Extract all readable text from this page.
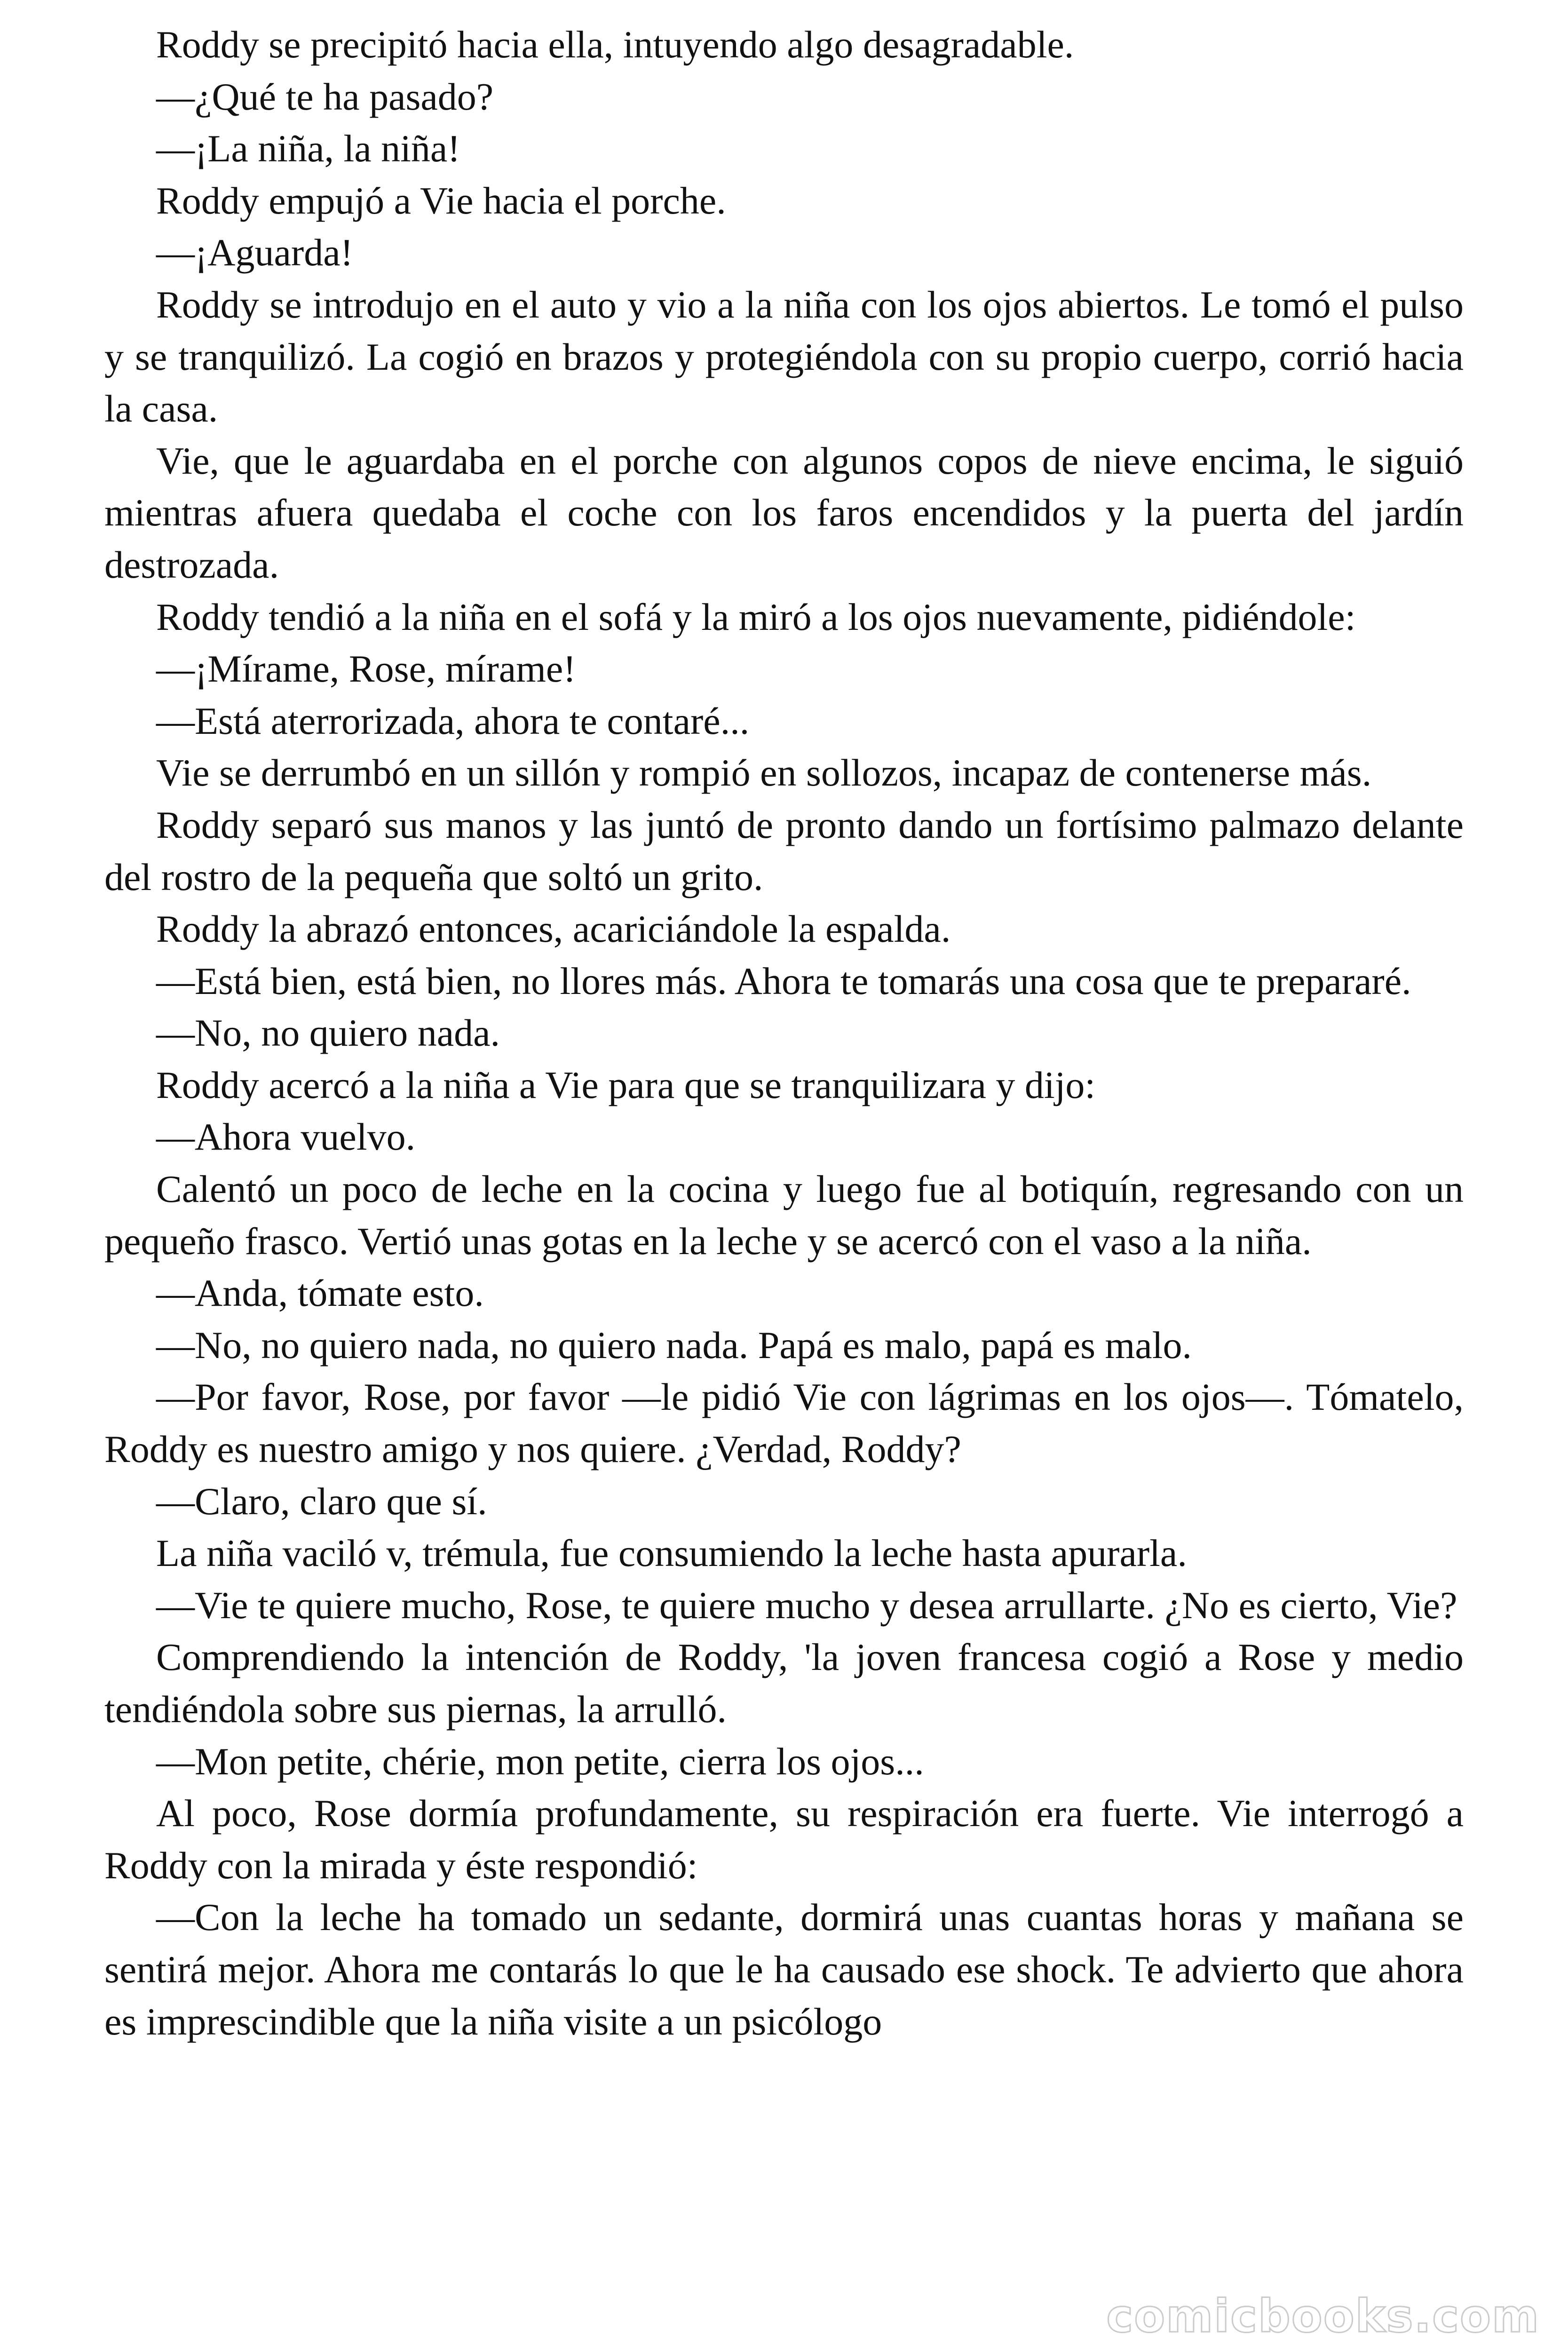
Roddy se precipitó hacia ella, intuyendo algo desagradable.

—¿Qué te ha pasado?

—¡La niña, la niña!

Roddy empujó a Vie hacia el porche.

—¡Aguarda!

Roddy se introdujo en el auto y vio a la niña con los ojos abiertos. Le tomó el pulso y se tranquilizó. La cogió en brazos y protegiéndola con su propio cuerpo, corrió hacia la casa.

Vie, que le aguardaba en el porche con algunos copos de nieve encima, le siguió mientras afuera quedaba el coche con los faros encendidos y la puerta del jardín destrozada.

Roddy tendió a la niña en el sofá y la miró a los ojos nuevamente, pidiéndole:

—¡Mírame, Rose, mírame!

—Está aterrorizada, ahora te contaré...

Vie se derrumbó en un sillón y rompió en sollozos, incapaz de contenerse más.

Roddy separó sus manos y las juntó de pronto dando un fortísimo palmazo delante del rostro de la pequeña que soltó un grito.

Roddy la abrazó entonces, acariciándole la espalda.

—Está bien, está bien, no llores más. Ahora te tomarás una cosa que te prepararé.

—No, no quiero nada.

Roddy acercó a la niña a Vie para que se tranquilizara y dijo:

—Ahora vuelvo.

Calentó un poco de leche en la cocina y luego fue al botiquín, regresando con un pequeño frasco. Vertió unas gotas en la leche y se acercó con el vaso a la niña.

—Anda, tómate esto.

—No, no quiero nada, no quiero nada. Papá es malo, papá es malo.

—Por favor, Rose, por favor —le pidió Vie con lágrimas en los ojos—. Tómatelo, Roddy es nuestro amigo y nos quiere. ¿Verdad, Roddy?

—Claro, claro que sí.

La niña vaciló v, trémula, fue consumiendo la leche hasta apurarla.

—Vie te quiere mucho, Rose, te quiere mucho y desea arrullarte. ¿No es cierto, Vie?

Comprendiendo la intención de Roddy, 'la joven francesa cogió a Rose y medio tendiéndola sobre sus piernas, la arrulló.

—Mon petite, chérie, mon petite, cierra los ojos...

Al poco, Rose dormía profundamente, su respiración era fuerte. Vie interrogó a Roddy con la mirada y éste respondió:

—Con la leche ha tomado un sedante, dormirá unas cuantas horas y mañana se sentirá mejor. Ahora me contarás lo que le ha causado ese shock. Te advierto que ahora es imprescindible que la niña visite a un psicólogo

comicbooks.com
